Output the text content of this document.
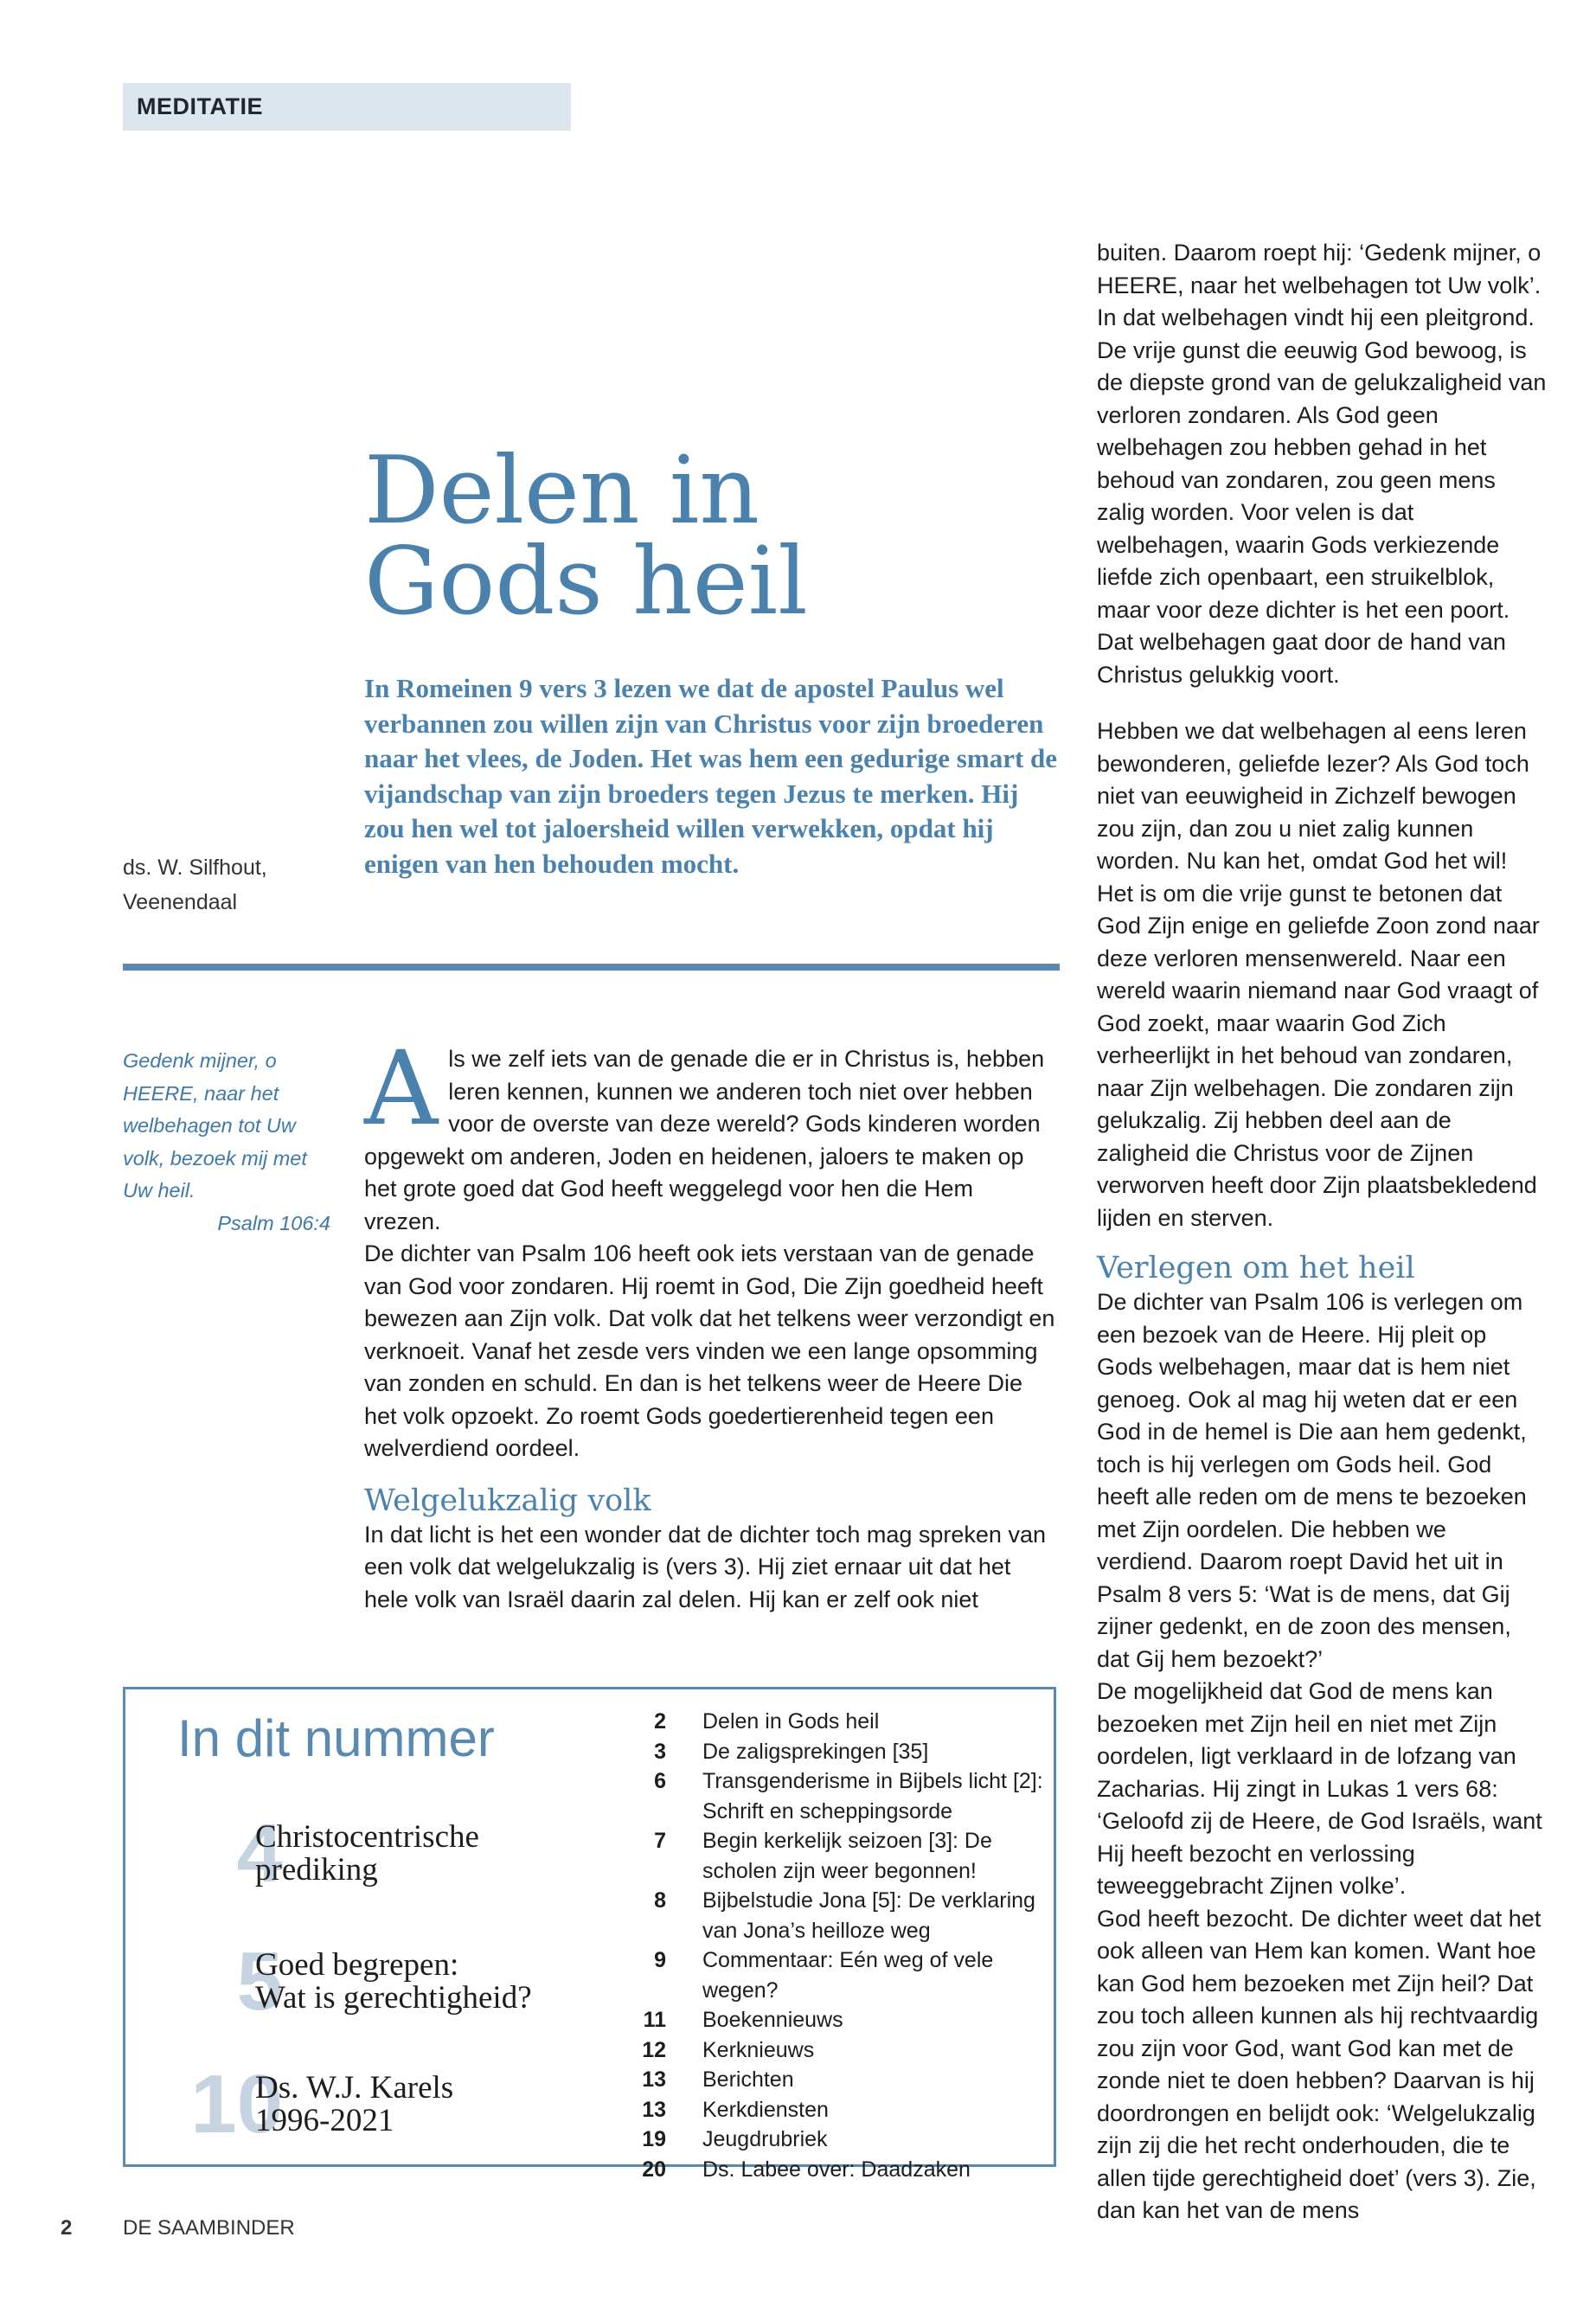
MEDITATIE
Delen in
Gods heil

In Romeinen 9 vers 3 lezen we dat de apostel Paulus wel verbannen zou willen zijn van Christus voor zijn broederen naar het vlees, de Joden. Het was hem een gedurige smart de vijandschap van zijn broeders tegen Jezus te merken. Hij zou hen wel tot jaloersheid willen verwekken, opdat hij enigen van hen behouden mocht.

ds. W. Silfhout,
Veenendaal
Gedenk mijner, o HEERE, naar het welbehagen tot Uw volk, bezoek mij met Uw heil.
Psalm 106:4

Als we zelf iets van de genade die er in Christus is, hebben leren kennen, kunnen we anderen toch niet over hebben voor de overste van deze wereld? Gods kinderen worden opgewekt om anderen, Joden en heidenen, jaloers te maken op het grote goed dat God heeft weggelegd voor hen die Hem vrezen.

De dichter van Psalm 106 heeft ook iets verstaan van de genade van God voor zondaren. Hij roemt in God, Die Zijn goedheid heeft bewezen aan Zijn volk. Dat volk dat het telkens weer verzondigt en verknoeit. Vanaf het zesde vers vinden we een lange opsomming van zonden en schuld. En dan is het telkens weer de Heere Die het volk opzoekt. Zo roemt Gods goedertierenheid tegen een welverdiend oordeel.

Welgelukzalig volk

In dat licht is het een wonder dat de dichter toch mag spreken van een volk dat welgelukzalig is (vers 3). Hij ziet ernaar uit dat het hele volk van Israël daarin zal delen. Hij kan er zelf ook niet

buiten. Daarom roept hij: ‘Gedenk mijner, o HEERE, naar het welbehagen tot Uw volk’. In dat welbehagen vindt hij een pleitgrond. De vrije gunst die eeuwig God bewoog, is de diepste grond van de gelukzaligheid van verloren zondaren. Als God geen welbehagen zou hebben gehad in het behoud van zondaren, zou geen mens zalig worden. Voor velen is dat welbehagen, waarin Gods verkiezende liefde zich openbaart, een struikelblok, maar voor deze dichter is het een poort. Dat welbehagen gaat door de hand van Christus gelukkig voort.

Hebben we dat welbehagen al eens leren bewonderen, geliefde lezer? Als God toch niet van eeuwigheid in Zichzelf bewogen zou zijn, dan zou u niet zalig kunnen worden. Nu kan het, omdat God het wil! Het is om die vrije gunst te betonen dat God Zijn enige en geliefde Zoon zond naar deze verloren mensenwereld. Naar een wereld waarin niemand naar God vraagt of God zoekt, maar waarin God Zich verheerlijkt in het behoud van zondaren, naar Zijn welbehagen. Die zondaren zijn gelukzalig. Zij hebben deel aan de zaligheid die Christus voor de Zijnen verworven heeft door Zijn plaatsbekledend lijden en sterven.

Verlegen om het heil

De dichter van Psalm 106 is verlegen om een bezoek van de Heere. Hij pleit op Gods welbehagen, maar dat is hem niet genoeg. Ook al mag hij weten dat er een God in de hemel is Die aan hem gedenkt, toch is hij verlegen om Gods heil. God heeft alle reden om de mens te bezoeken met Zijn oordelen. Die hebben we verdiend. Daarom roept David het uit in Psalm 8 vers 5: ‘Wat is de mens, dat Gij zijner gedenkt, en de zoon des mensen, dat Gij hem bezoekt?’

De mogelijkheid dat God de mens kan bezoeken met Zijn heil en niet met Zijn oordelen, ligt verklaard in de lofzang van Zacharias. Hij zingt in Lukas 1 vers 68: ‘Geloofd zij de Heere, de God Israëls, want Hij heeft bezocht en verlossing teweeggebracht Zijnen volke’.

God heeft bezocht. De dichter weet dat het ook alleen van Hem kan komen. Want hoe kan God hem bezoeken met Zijn heil? Dat zou toch alleen kunnen als hij rechtvaardig zou zijn voor God, want God kan met de zonde niet te doen hebben? Daarvan is hij doordrongen en belijdt ook: ‘Welgelukzalig zijn zij die het recht onderhouden, die te allen tijde gerechtigheid doet’ (vers 3). Zie, dan kan het van de mens

In dit nummer
4
Christocentrische
prediking
5
Goed begrepen:
Wat is gerechtigheid?
10
Ds. W.J. Karels
1996-2021
2	Delen in Gods heil
3	De zaligsprekingen [35]
6	Transgenderisme in Bijbels licht [2]: Schrift en scheppingsorde
7	Begin kerkelijk seizoen [3]: De scholen zijn weer begonnen!
8	Bijbelstudie Jona [5]: De verklaring van Jona’s heilloze weg
9	Commentaar: Eén weg of vele wegen?
11	Boekennieuws
12	Kerknieuws
13	Berichten
13	Kerkdiensten
19	Jeugdrubriek
20	Ds. Labee over: Daadzaken
2 DE SAAMBINDER
